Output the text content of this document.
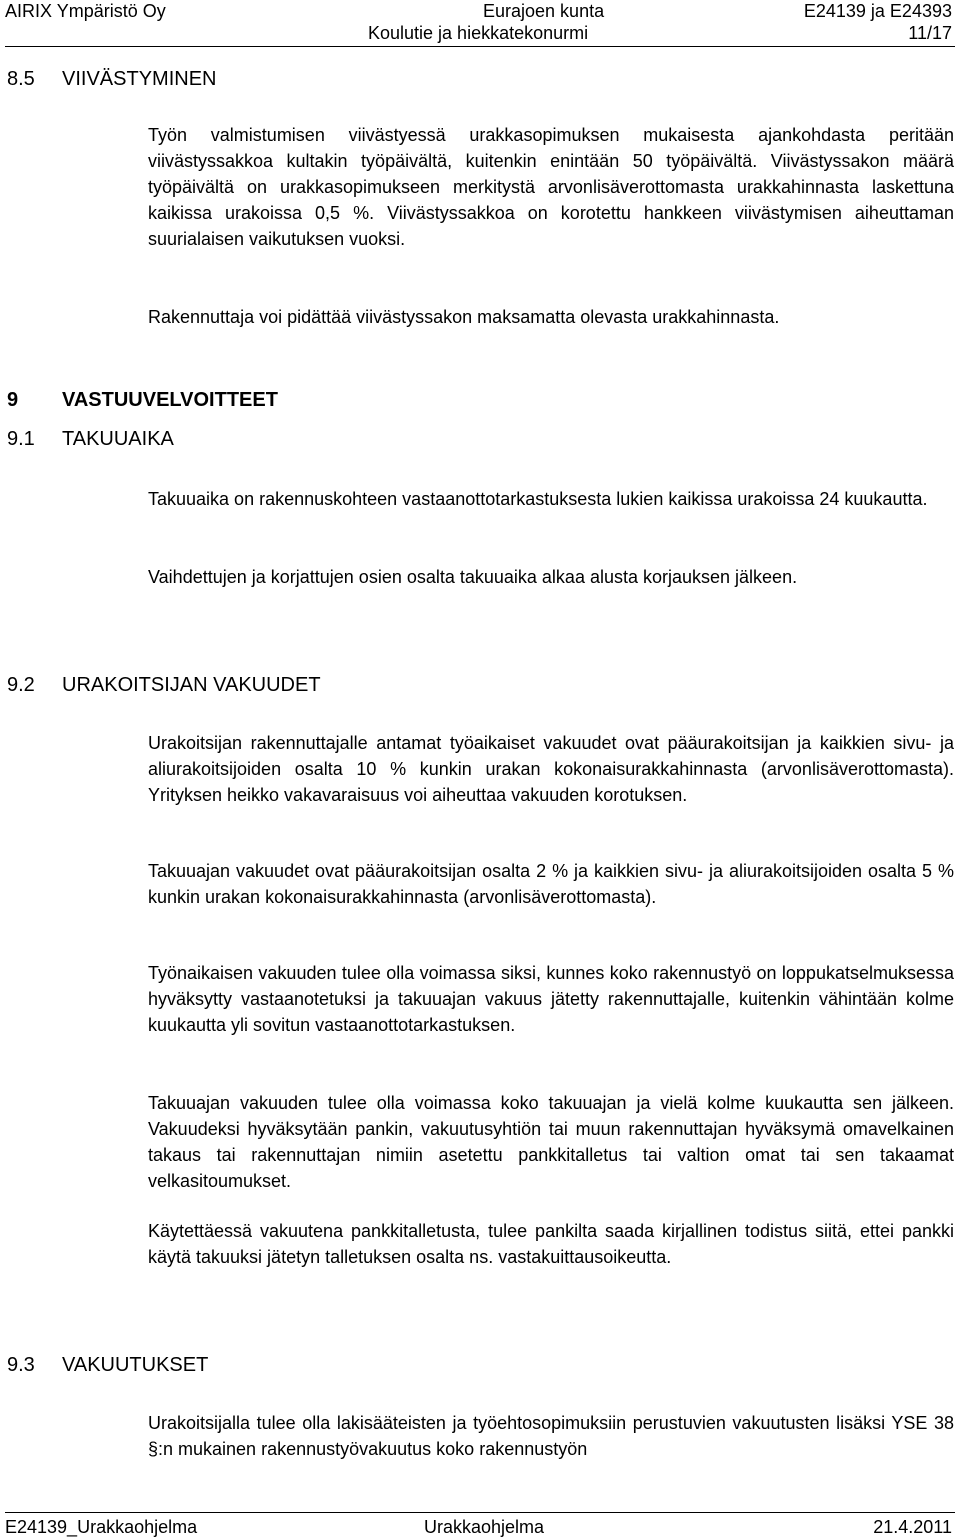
AIRIX Ympäristö Oy	Eurajoen kunta
Koulutie ja hiekkatekonurmi
E24139 ja E24393
11/17
8.5 VIIVÄSTYMINEN

Työn valmistumisen viivästyessä urakkasopimuksen mukaisesta ajankohdasta peritään viivästyssakkoa kultakin työpäivältä, kuitenkin enintään 50 työpäivältä. Viivästyssakon määrä työpäivältä on urakkasopimukseen merkitystä arvonlisäverottomasta urakkahinnasta laskettuna kaikissa urakoissa 0,5 %. Viivästyssakkoa on korotettu hankkeen viivästymisen aiheuttaman suurialaisen vaikutuksen vuoksi.

Rakennuttaja voi pidättää viivästyssakon maksamatta olevasta urakkahinnasta.

9 VASTUUVELVOITTEET
9.1 TAKUUAIKA

Takuuaika on rakennuskohteen vastaanottotarkastuksesta lukien kaikissa urakoissa 24 kuukautta.

Vaihdettujen ja korjattujen osien osalta takuuaika alkaa alusta korjauksen jälkeen.

9.2 URAKOITSIJAN VAKUUDET

Urakoitsijan rakennuttajalle antamat työaikaiset vakuudet ovat pääurakoitsijan ja kaikkien sivu- ja aliurakoitsijoiden osalta 10 % kunkin urakan kokonaisurakkahinnasta (arvonlisäverottomasta). Yrityksen heikko vakavaraisuus voi aiheuttaa vakuuden korotuksen.

Takuuajan vakuudet ovat pääurakoitsijan osalta 2 % ja kaikkien sivu- ja aliurakoitsijoiden osalta 5 % kunkin urakan kokonaisurakkahinnasta (arvonlisäverottomasta).

Työnaikaisen vakuuden tulee olla voimassa siksi, kunnes koko rakennustyö on loppukatselmuksessa hyväksytty vastaanotetuksi ja takuuajan vakuus jätetty rakennuttajalle, kuitenkin vähintään kolme kuukautta yli sovitun vastaanottotarkastuksen.

Takuuajan vakuuden tulee olla voimassa koko takuuajan ja vielä kolme kuukautta sen jälkeen. Vakuudeksi hyväksytään pankin, vakuutusyhtiön tai muun rakennuttajan hyväksymä omavelkainen takaus tai rakennuttajan nimiin asetettu pankkitalletus tai valtion omat tai sen takaamat velkasitoumukset.

Käytettäessä vakuutena pankkitalletusta, tulee pankilta saada kirjallinen todistus siitä, ettei pankki käytä takuuksi jätetyn talletuksen osalta ns. vastakuittausoikeutta.

9.3 VAKUUTUKSET

Urakoitsijalla tulee olla lakisääteisten ja työehtosopimuksiin perustuvien vakuutusten lisäksi YSE 38 §:n mukainen rakennustyövakuutus koko rakennustyön

E24139_Urakkaohjelma	Urakkaohjelma	21.4.2011
